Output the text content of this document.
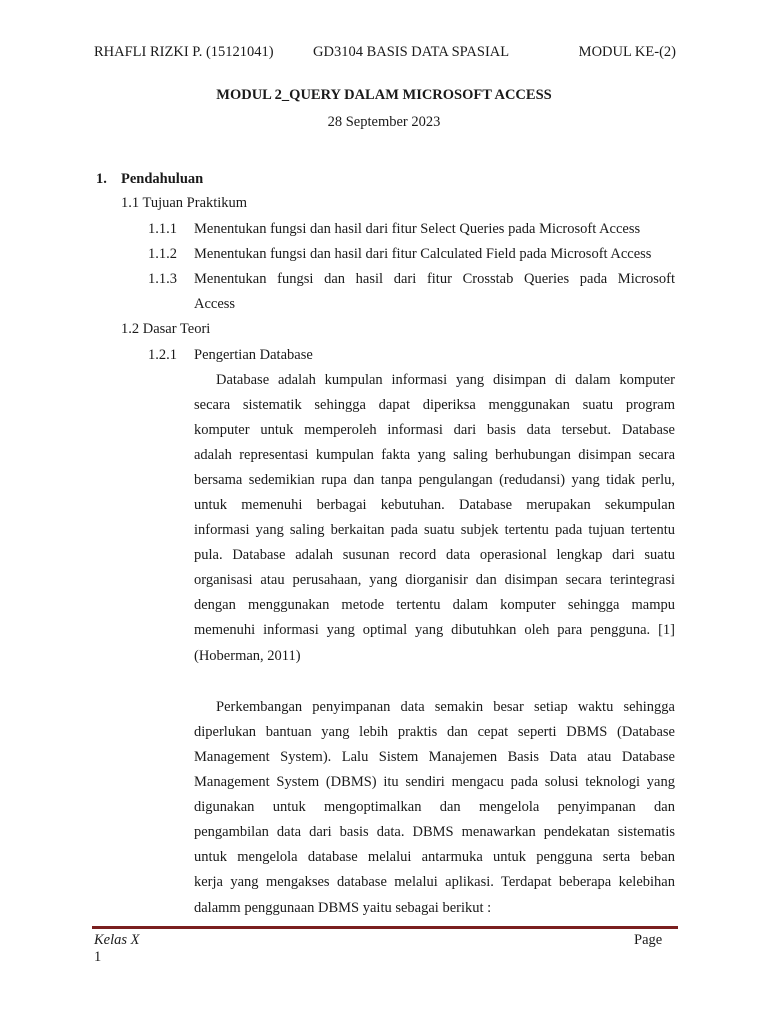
RHAFLI RIZKI P. (15121041)	GD3104 BASIS DATA SPASIAL	MODUL KE-(2)
MODUL 2_QUERY DALAM MICROSOFT ACCESS
28 September 2023
1. Pendahuluan
1.1 Tujuan Praktikum
1.1.1 Menentukan fungsi dan hasil dari fitur Select Queries pada Microsoft Access
1.1.2 Menentukan fungsi dan hasil dari fitur Calculated Field pada Microsoft Access
1.1.3 Menentukan fungsi dan hasil dari fitur Crosstab Queries pada Microsoft
Access
1.2 Dasar Teori
1.2.1 Pengertian Database
Database adalah kumpulan informasi yang disimpan di dalam komputer
secara sistematik sehingga dapat diperiksa menggunakan suatu program
komputer untuk memperoleh informasi dari basis data tersebut. Database
adalah representasi kumpulan fakta yang saling berhubungan disimpan secara
bersama sedemikian rupa dan tanpa pengulangan (redudansi) yang tidak perlu,
untuk memenuhi berbagai kebutuhan. Database merupakan sekumpulan
informasi yang saling berkaitan pada suatu subjek tertentu pada tujuan tertentu
pula. Database adalah susunan record data operasional lengkap dari suatu
organisasi atau perusahaan, yang diorganisir dan disimpan secara terintegrasi
dengan menggunakan metode tertentu dalam komputer sehingga mampu
memenuhi informasi yang optimal yang dibutuhkan oleh para pengguna. [1]
(Hoberman, 2011)
Perkembangan penyimpanan data semakin besar setiap waktu sehingga
diperlukan bantuan yang lebih praktis dan cepat seperti DBMS (Database
Management System). Lalu Sistem Manajemen Basis Data atau Database
Management System (DBMS) itu sendiri mengacu pada solusi teknologi yang
digunakan untuk mengoptimalkan dan mengelola penyimpanan dan
pengambilan data dari basis data. DBMS menawarkan pendekatan sistematis
untuk mengelola database melalui antarmuka untuk pengguna serta beban
kerja yang mengakses database melalui aplikasi. Terdapat beberapa kelebihan
dalamm penggunaan DBMS yaitu sebagai berikut :
Kelas X	Page
1
